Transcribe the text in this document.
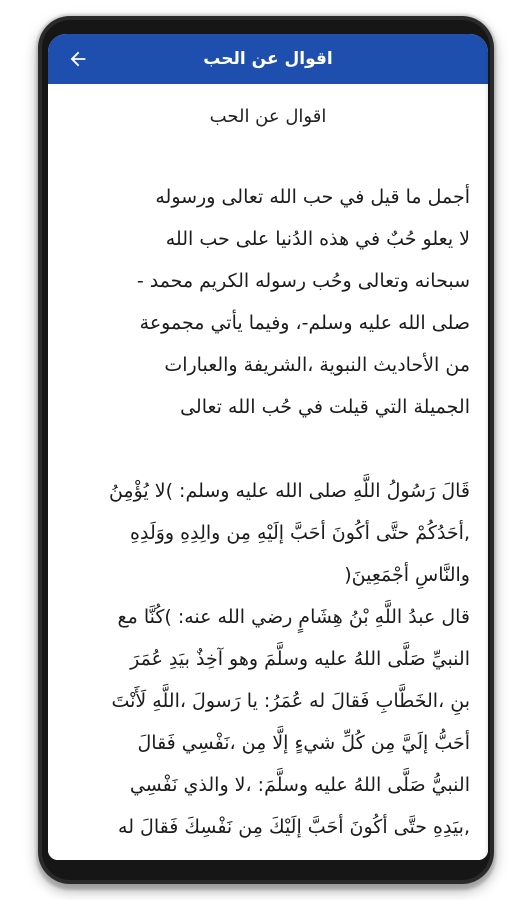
اقوال عن الحب
اقوال عن الحب
أجمل ما قيل في حب الله تعالى ورسوله
لا يعلو حُبٌ في هذه الدُنيا على حب الله
سبحانه وتعالى وحُب رسوله الكريم محمد -
صلى الله عليه وسلم-، وفيما يأتي مجموعة
من الأحاديث النبوية ،الشريفة والعبارات
الجميلة التي قيلت في حُب الله تعالى
قَالَ رَسُولُ اللَّهِ صلى الله عليه وسلم: )لا يُؤْمِنُ
,أحَدُكُمْ حتَّى أكُونَ أحَبَّ إلَيْهِ مِن والِدِهِ ووَلَدِهِ
والنَّاسِ أجْمَعِينَ(
قال عبدُ اللَّهِ بْنُ هِشَامٍ رضي الله عنه: )كُنَّا مع
النبيِّ صَلَّى اللهُ عليه وسلَّمَ وهو آخِذٌ بيَدِ عُمَرَ
بنِ ،الخَطَّابِ فَقالَ له عُمَرُ: يا رَسولَ ،اللَّهِ لَأَنْتَ
أحَبُّ إلَيَّ مِن كُلِّ شيءٍ إلَّا مِن ،نَفْسِي فَقالَ
النبيُّ صَلَّى اللهُ عليه وسلَّمَ: ،لا والذي نَفْسِي
,بيَدِهِ حتَّى أكُونَ أحَبَّ إلَيْكَ مِن نَفْسِكَ فَقالَ له
